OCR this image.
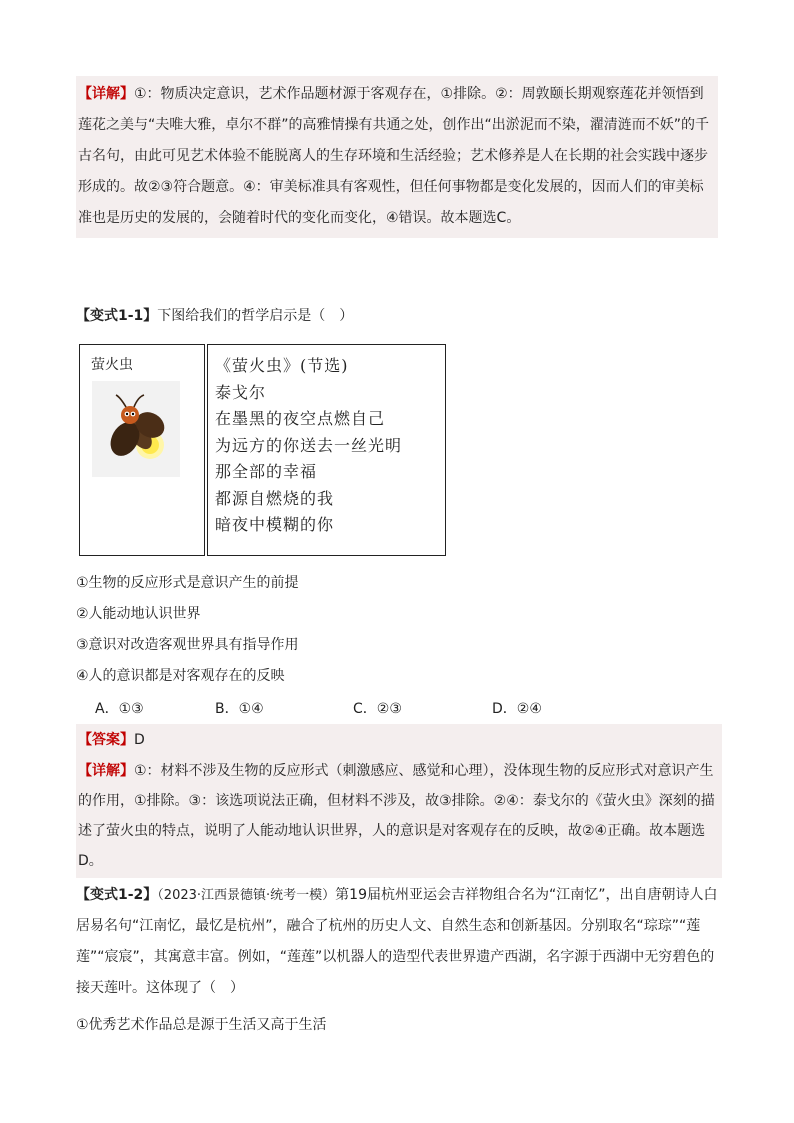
【详解】①：物质决定意识，艺术作品题材源于客观存在，①排除。②：周敦颐长期观察莲花并领悟到莲花之美与“夫唯大雅，卓尔不群”的高雅情操有共通之处，创作出“出淤泥而不染，濯清涟而不妖”的千古名句，由此可见艺术体验不能脱离人的生存环境和生活经验；艺术修养是人在长期的社会实践中逐步形成的。故②③符合题意。④：审美标准具有客观性，但任何事物都是变化发展的，因而人们的审美标准也是历史的发展的，会随着时代的变化而变化，④错误。故本题选C。

【变式1-1】下图给我们的哲学启示是（　）

萤火虫	《萤火虫》(节选)
泰戈尔
在墨黑的夜空点燃自己
为远方的你送去一丝光明
那全部的幸福
都源自燃烧的我
暗夜中模糊的你
①生物的反应形式是意识产生的前提
②人能动地认识世界
③意识对改造客观世界具有指导作用
④人的意识都是对客观存在的反映
A．①③	B．①④	C．②③	D．②④

【答案】D

【详解】①：材料不涉及生物的反应形式（刺激感应、感觉和心理），没体现生物的反应形式对意识产生的作用，①排除。③：该选项说法正确，但材料不涉及，故③排除。②④：泰戈尔的《萤火虫》深刻的描述了萤火虫的特点，说明了人能动地认识世界，人的意识是对客观存在的反映，故②④正确。故本题选D。

【变式1-2】（2023·江西景德镇·统考一模）第19届杭州亚运会吉祥物组合名为“江南忆”，出自唐朝诗人白居易名句“江南忆，最忆是杭州”，融合了杭州的历史人文、自然生态和创新基因。分别取名“琮琮”“莲莲”“宸宸”，其寓意丰富。例如，“莲莲”以机器人的造型代表世界遗产西湖，名字源于西湖中无穷碧色的接天莲叶。这体现了（　）

①优秀艺术作品总是源于生活又高于生活
